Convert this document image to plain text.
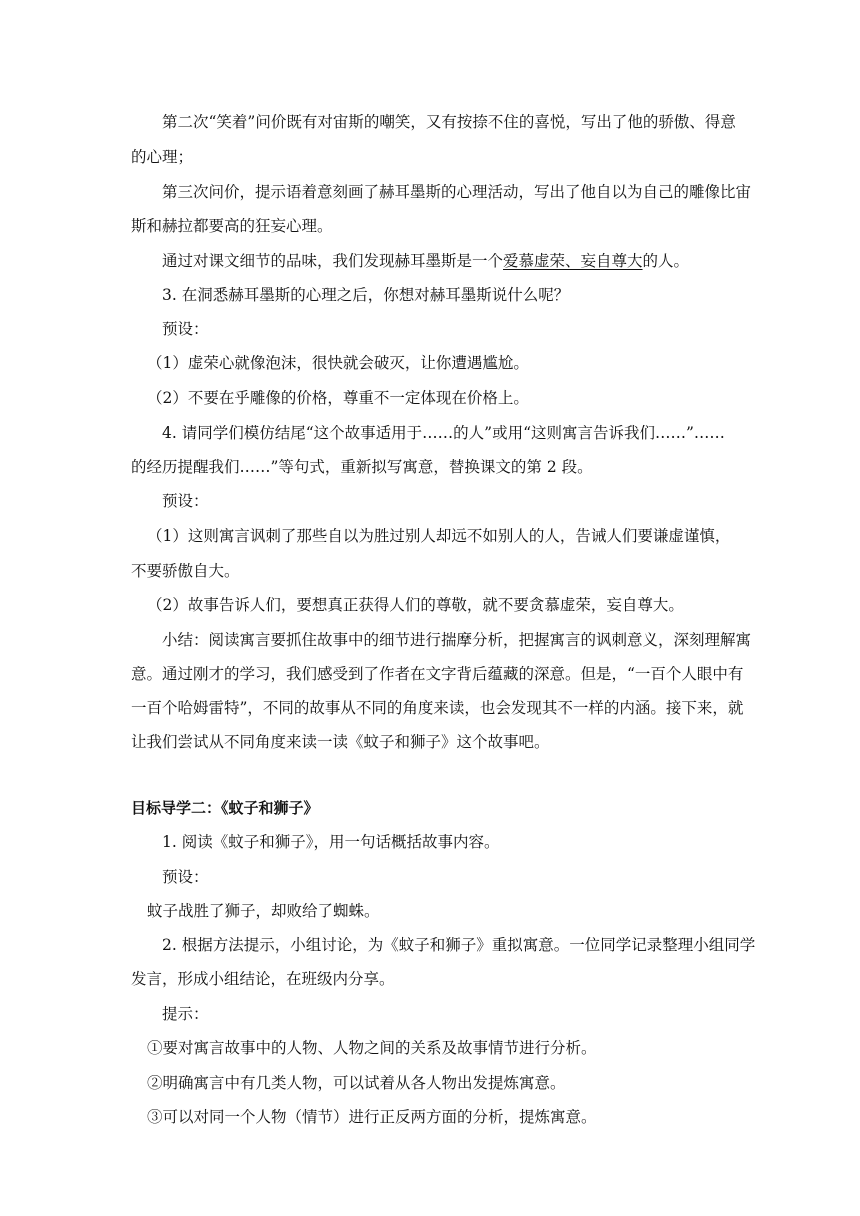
第二次“笑着”问价既有对宙斯的嘲笑，又有按捺不住的喜悦，写出了他的骄傲、得意
的心理；
第三次问价，提示语着意刻画了赫耳墨斯的心理活动，写出了他自以为自己的雕像比宙
斯和赫拉都要高的狂妄心理。
通过对课文细节的品味，我们发现赫耳墨斯是一个爱慕虚荣、妄自尊大的人。
3. 在洞悉赫耳墨斯的心理之后，你想对赫耳墨斯说什么呢？
预设：
（1）虚荣心就像泡沫，很快就会破灭，让你遭遇尴尬。
（2）不要在乎雕像的价格，尊重不一定体现在价格上。
4. 请同学们模仿结尾“这个故事适用于……的人”或用“这则寓言告诉我们……”……
的经历提醒我们……”等句式，重新拟写寓意，替换课文的第 2 段。
预设：
（1）这则寓言讽刺了那些自以为胜过别人却远不如别人的人，告诫人们要谦虚谨慎，
不要骄傲自大。
（2）故事告诉人们，要想真正获得人们的尊敬，就不要贪慕虚荣，妄自尊大。
小结：阅读寓言要抓住故事中的细节进行揣摩分析，把握寓言的讽刺意义，深刻理解寓
意。通过刚才的学习，我们感受到了作者在文字背后蕴藏的深意。但是，“一百个人眼中有
一百个哈姆雷特”，不同的故事从不同的角度来读，也会发现其不一样的内涵。接下来，就
让我们尝试从不同角度来读一读《蚊子和狮子》这个故事吧。
目标导学二：《蚊子和狮子》
1. 阅读《蚊子和狮子》，用一句话概括故事内容。
预设：
蚊子战胜了狮子，却败给了蜘蛛。
2. 根据方法提示，小组讨论，为《蚊子和狮子》重拟寓意。一位同学记录整理小组同学
发言，形成小组结论，在班级内分享。
提示：
①要对寓言故事中的人物、人物之间的关系及故事情节进行分析。
②明确寓言中有几类人物，可以试着从各人物出发提炼寓意。
③可以对同一个人物（情节）进行正反两方面的分析，提炼寓意。
